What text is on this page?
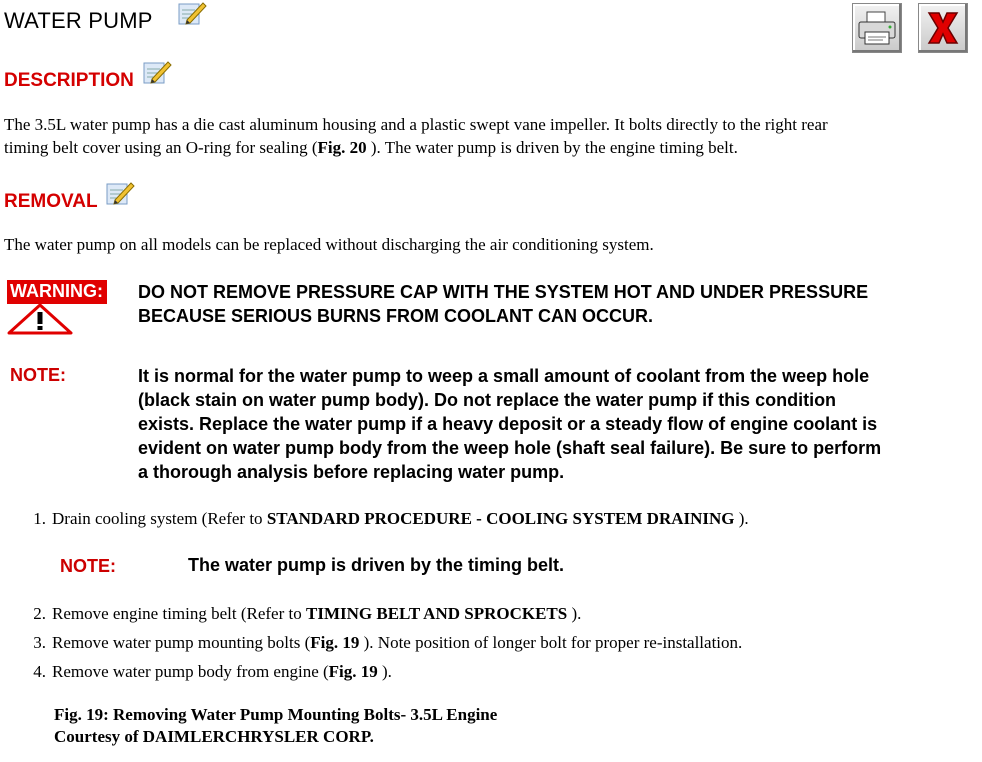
WATER PUMP
DESCRIPTION
The 3.5L water pump has a die cast aluminum housing and a plastic swept vane impeller. It bolts directly to the right rear
timing belt cover using an O-ring for sealing (Fig. 20 ). The water pump is driven by the engine timing belt.
REMOVAL
The water pump on all models can be replaced without discharging the air conditioning system.
WARNING: DO NOT REMOVE PRESSURE CAP WITH THE SYSTEM HOT AND UNDER PRESSURE
BECAUSE SERIOUS BURNS FROM COOLANT CAN OCCUR.
NOTE:	It is normal for the water pump to weep a small amount of coolant from the weep hole
(black stain on water pump body). Do not replace the water pump if this condition
exists. Replace the water pump if a heavy deposit or a steady flow of engine coolant is
evident on water pump body from the weep hole (shaft seal failure). Be sure to perform
a thorough analysis before replacing water pump.
1. Drain cooling system (Refer to STANDARD PROCEDURE - COOLING SYSTEM DRAINING ).
NOTE:	The water pump is driven by the timing belt.
2. Remove engine timing belt (Refer to TIMING BELT AND SPROCKETS ).
3. Remove water pump mounting bolts (Fig. 19 ). Note position of longer bolt for proper re-installation.
4. Remove water pump body from engine (Fig. 19 ).
Fig. 19: Removing Water Pump Mounting Bolts- 3.5L Engine
Courtesy of DAIMLERCHRYSLER CORP.
